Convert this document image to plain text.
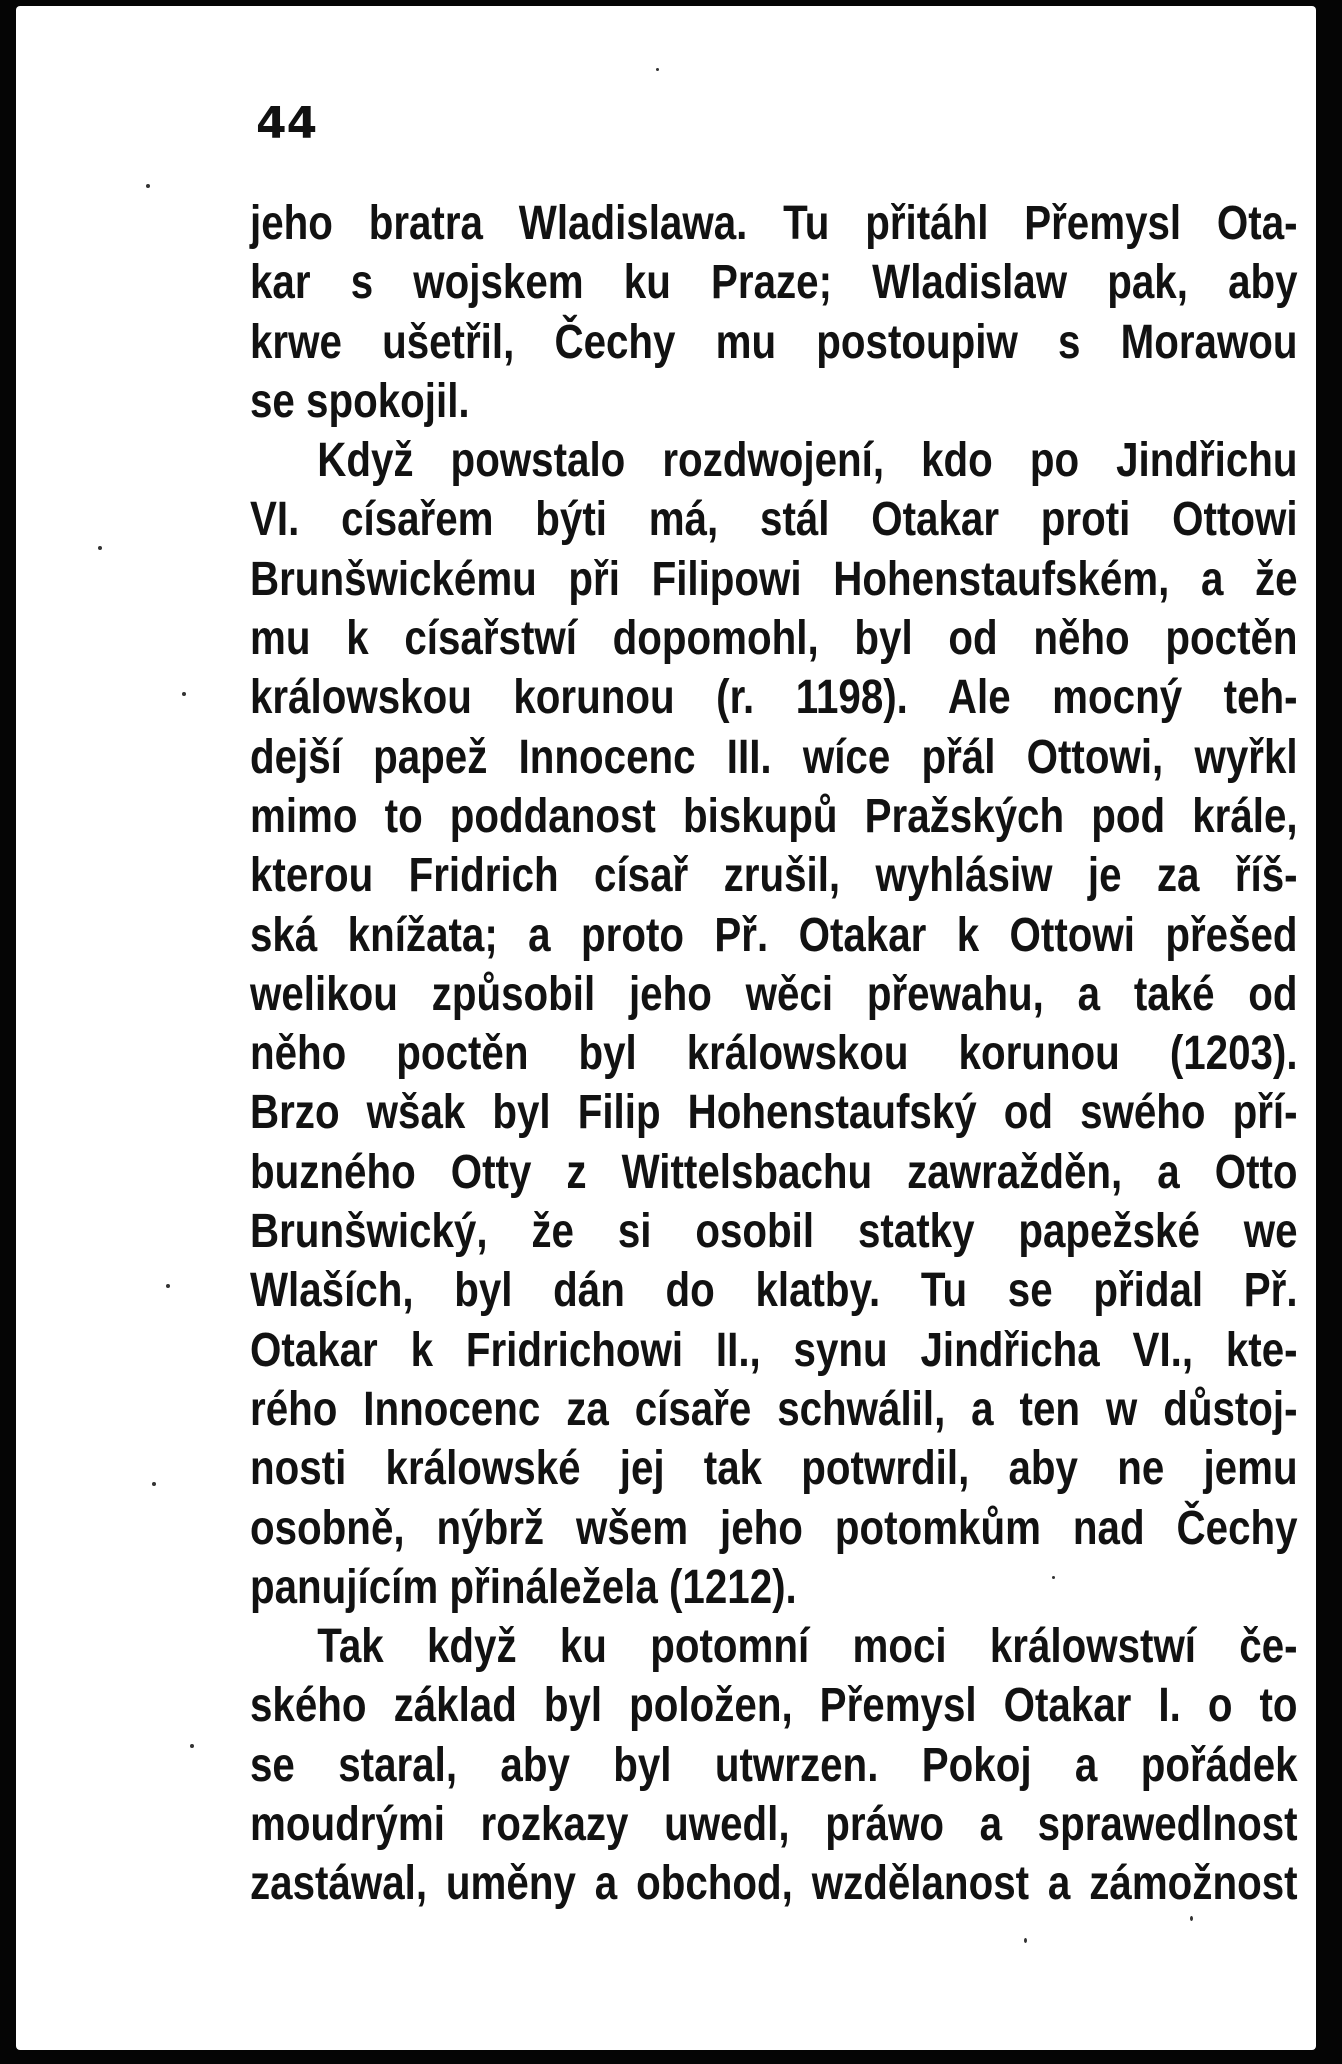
44

jeho bratra Wladislawa. Tu přitáhl Přemysl Ota-
kar s wojskem ku Praze; Wladislaw pak, aby
krwe ušetřil, Čechy mu postoupiw s Morawou
se spokojil.
Když powstalo rozdwojení, kdo po Jindřichu
VI. císařem býti má, stál Otakar proti Ottowi
Brunšwickému při Filipowi Hohenstaufském, a že
mu k císařstwí dopomohl, byl od něho poctěn
králowskou korunou (r. 1198). Ale mocný teh-
dejší papež Innocenc III. wíce přál Ottowi, wyřkl
mimo to poddanost biskupů Pražských pod krále,
kterou Fridrich císař zrušil, wyhlásiw je za říš-
ská knížata; a proto Př. Otakar k Ottowi přešed
welikou způsobil jeho wěci přewahu, a také od
něho poctěn byl králowskou korunou (1203).
Brzo wšak byl Filip Hohenstaufský od swého pří-
buzného Otty z Wittelsbachu zawražděn, a Otto
Brunšwický, že si osobil statky papežské we
Wlaších, byl dán do klatby. Tu se přidal Př.
Otakar k Fridrichowi II., synu Jindřicha VI., kte-
rého Innocenc za císaře schwálil, a ten w důstoj-
nosti králowské jej tak potwrdil, aby ne jemu
osobně, nýbrž wšem jeho potomkům nad Čechy
panujícím přináležela (1212).
Tak když ku potomní moci králowstwí če-
ského základ byl položen, Přemysl Otakar I. o to
se staral, aby byl utwrzen. Pokoj a pořádek
moudrými rozkazy uwedl, práwo a sprawedlnost
zastáwal, uměny a obchod, wzdělanost a zámožnost
